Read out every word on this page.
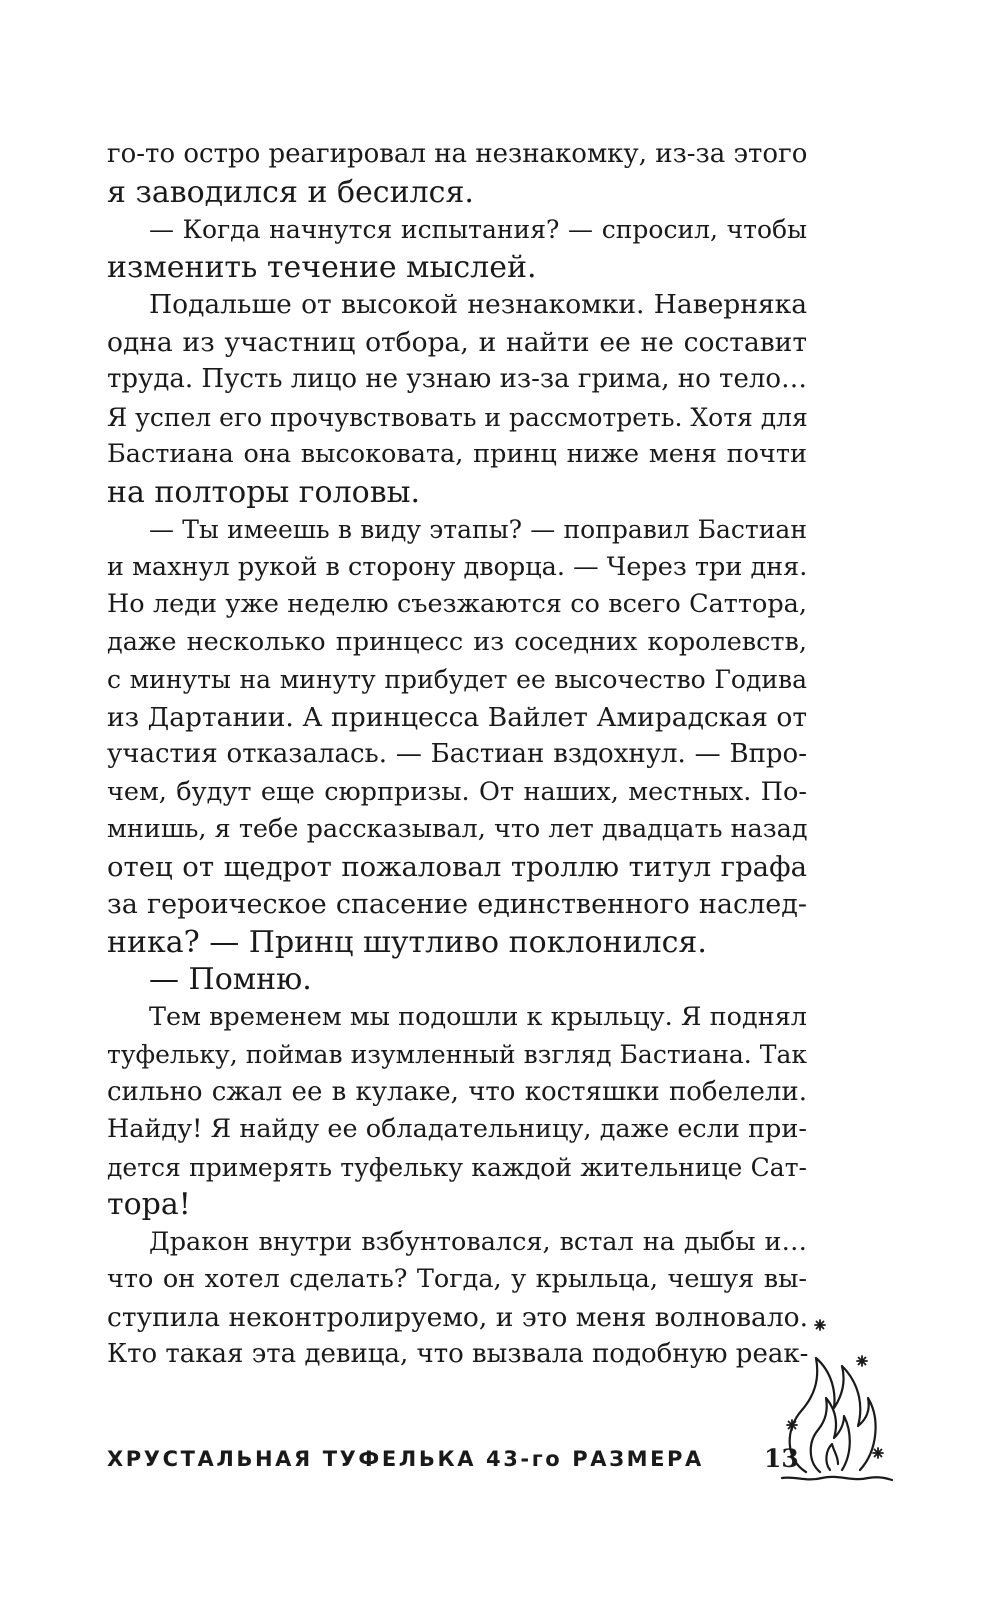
го-то остро реагировал на незнакомку, из-за этого
я заводился и бесился.
— Когда начнутся испытания? — спросил, чтобы
изменить течение мыслей.
Подальше от высокой незнакомки. Наверняка
одна из участниц отбора, и найти ее не составит
труда. Пусть лицо не узнаю из-за грима, но тело…
Я успел его прочувствовать и рассмотреть. Хотя для
Бастиана она высоковата, принц ниже меня почти
на полторы головы.
— Ты имеешь в виду этапы? — поправил Бастиан
и махнул рукой в сторону дворца. — Через три дня.
Но леди уже неделю съезжаются со всего Саттора,
даже несколько принцесс из соседних королевств,
с минуты на минуту прибудет ее высочество Годива
из Дартании. А принцесса Вайлет Амирадская от
участия отказалась. — Бастиан вздохнул. — Впро-
чем, будут еще сюрпризы. От наших, местных. По-
мнишь, я тебе рассказывал, что лет двадцать назад
отец от щедрот пожаловал троллю титул графа
за героическое спасение единственного наслед-
ника? — Принц шутливо поклонился.
— Помню.
Тем временем мы подошли к крыльцу. Я поднял
туфельку, поймав изумленный взгляд Бастиана. Так
сильно сжал ее в кулаке, что костяшки побелели.
Найду! Я найду ее обладательницу, даже если при-
дется примерять туфельку каждой жительнице Сат-
тора!
Дракон внутри взбунтовался, встал на дыбы и…
что он хотел сделать? Тогда, у крыльца, чешуя вы-
ступила неконтролируемо, и это меня волновало.
Кто такая эта девица, что вызвала подобную реак-
ХРУСТАЛЬНАЯ ТУФЕЛЬКА 43-го РАЗМЕРА 13
